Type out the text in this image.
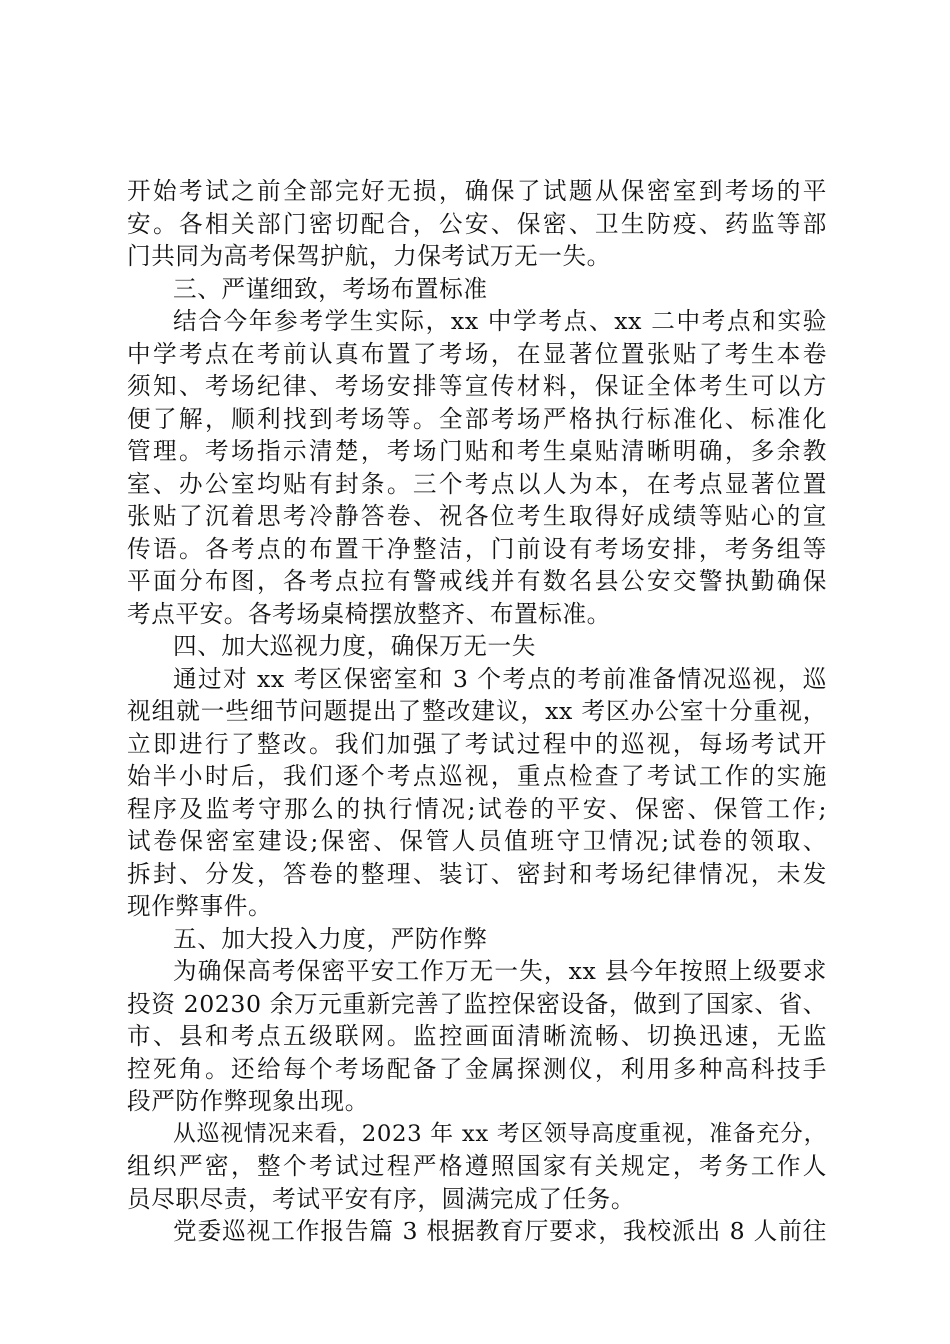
开始考试之前全部完好无损，确保了试题从保密室到考场的平
安。各相关部门密切配合，公安、保密、卫生防疫、药监等部
门共同为高考保驾护航，力保考试万无一失。
三、严谨细致，考场布置标准
结合今年参考学生实际，xx 中学考点、xx 二中考点和实验
中学考点在考前认真布置了考场，在显著位置张贴了考生本卷
须知、考场纪律、考场安排等宣传材料，保证全体考生可以方
便了解，顺利找到考场等。全部考场严格执行标准化、标准化
管理。考场指示清楚，考场门贴和考生桌贴清晰明确，多余教
室、办公室均贴有封条。三个考点以人为本，在考点显著位置
张贴了沉着思考冷静答卷、祝各位考生取得好成绩等贴心的宣
传语。各考点的布置干净整洁，门前设有考场安排，考务组等
平面分布图，各考点拉有警戒线并有数名县公安交警执勤确保
考点平安。各考场桌椅摆放整齐、布置标准。
四、加大巡视力度，确保万无一失
通过对 xx 考区保密室和 3 个考点的考前准备情况巡视，巡
视组就一些细节问题提出了整改建议，xx 考区办公室十分重视，
立即进行了整改。我们加强了考试过程中的巡视，每场考试开
始半小时后，我们逐个考点巡视，重点检查了考试工作的实施
程序及监考守那么的执行情况;试卷的平安、保密、保管工作;
试卷保密室建设;保密、保管人员值班守卫情况;试卷的领取、
拆封、分发，答卷的整理、装订、密封和考场纪律情况，未发
现作弊事件。
五、加大投入力度，严防作弊
为确保高考保密平安工作万无一失，xx 县今年按照上级要求
投资 20230 余万元重新完善了监控保密设备，做到了国家、省、
市、县和考点五级联网。监控画面清晰流畅、切换迅速，无监
控死角。还给每个考场配备了金属探测仪，利用多种高科技手
段严防作弊现象出现。
从巡视情况来看，2023 年 xx 考区领导高度重视，准备充分，
组织严密，整个考试过程严格遵照国家有关规定，考务工作人
员尽职尽责，考试平安有序，圆满完成了任务。
党委巡视工作报告篇 3 根据教育厅要求，我校派出 8 人前往
